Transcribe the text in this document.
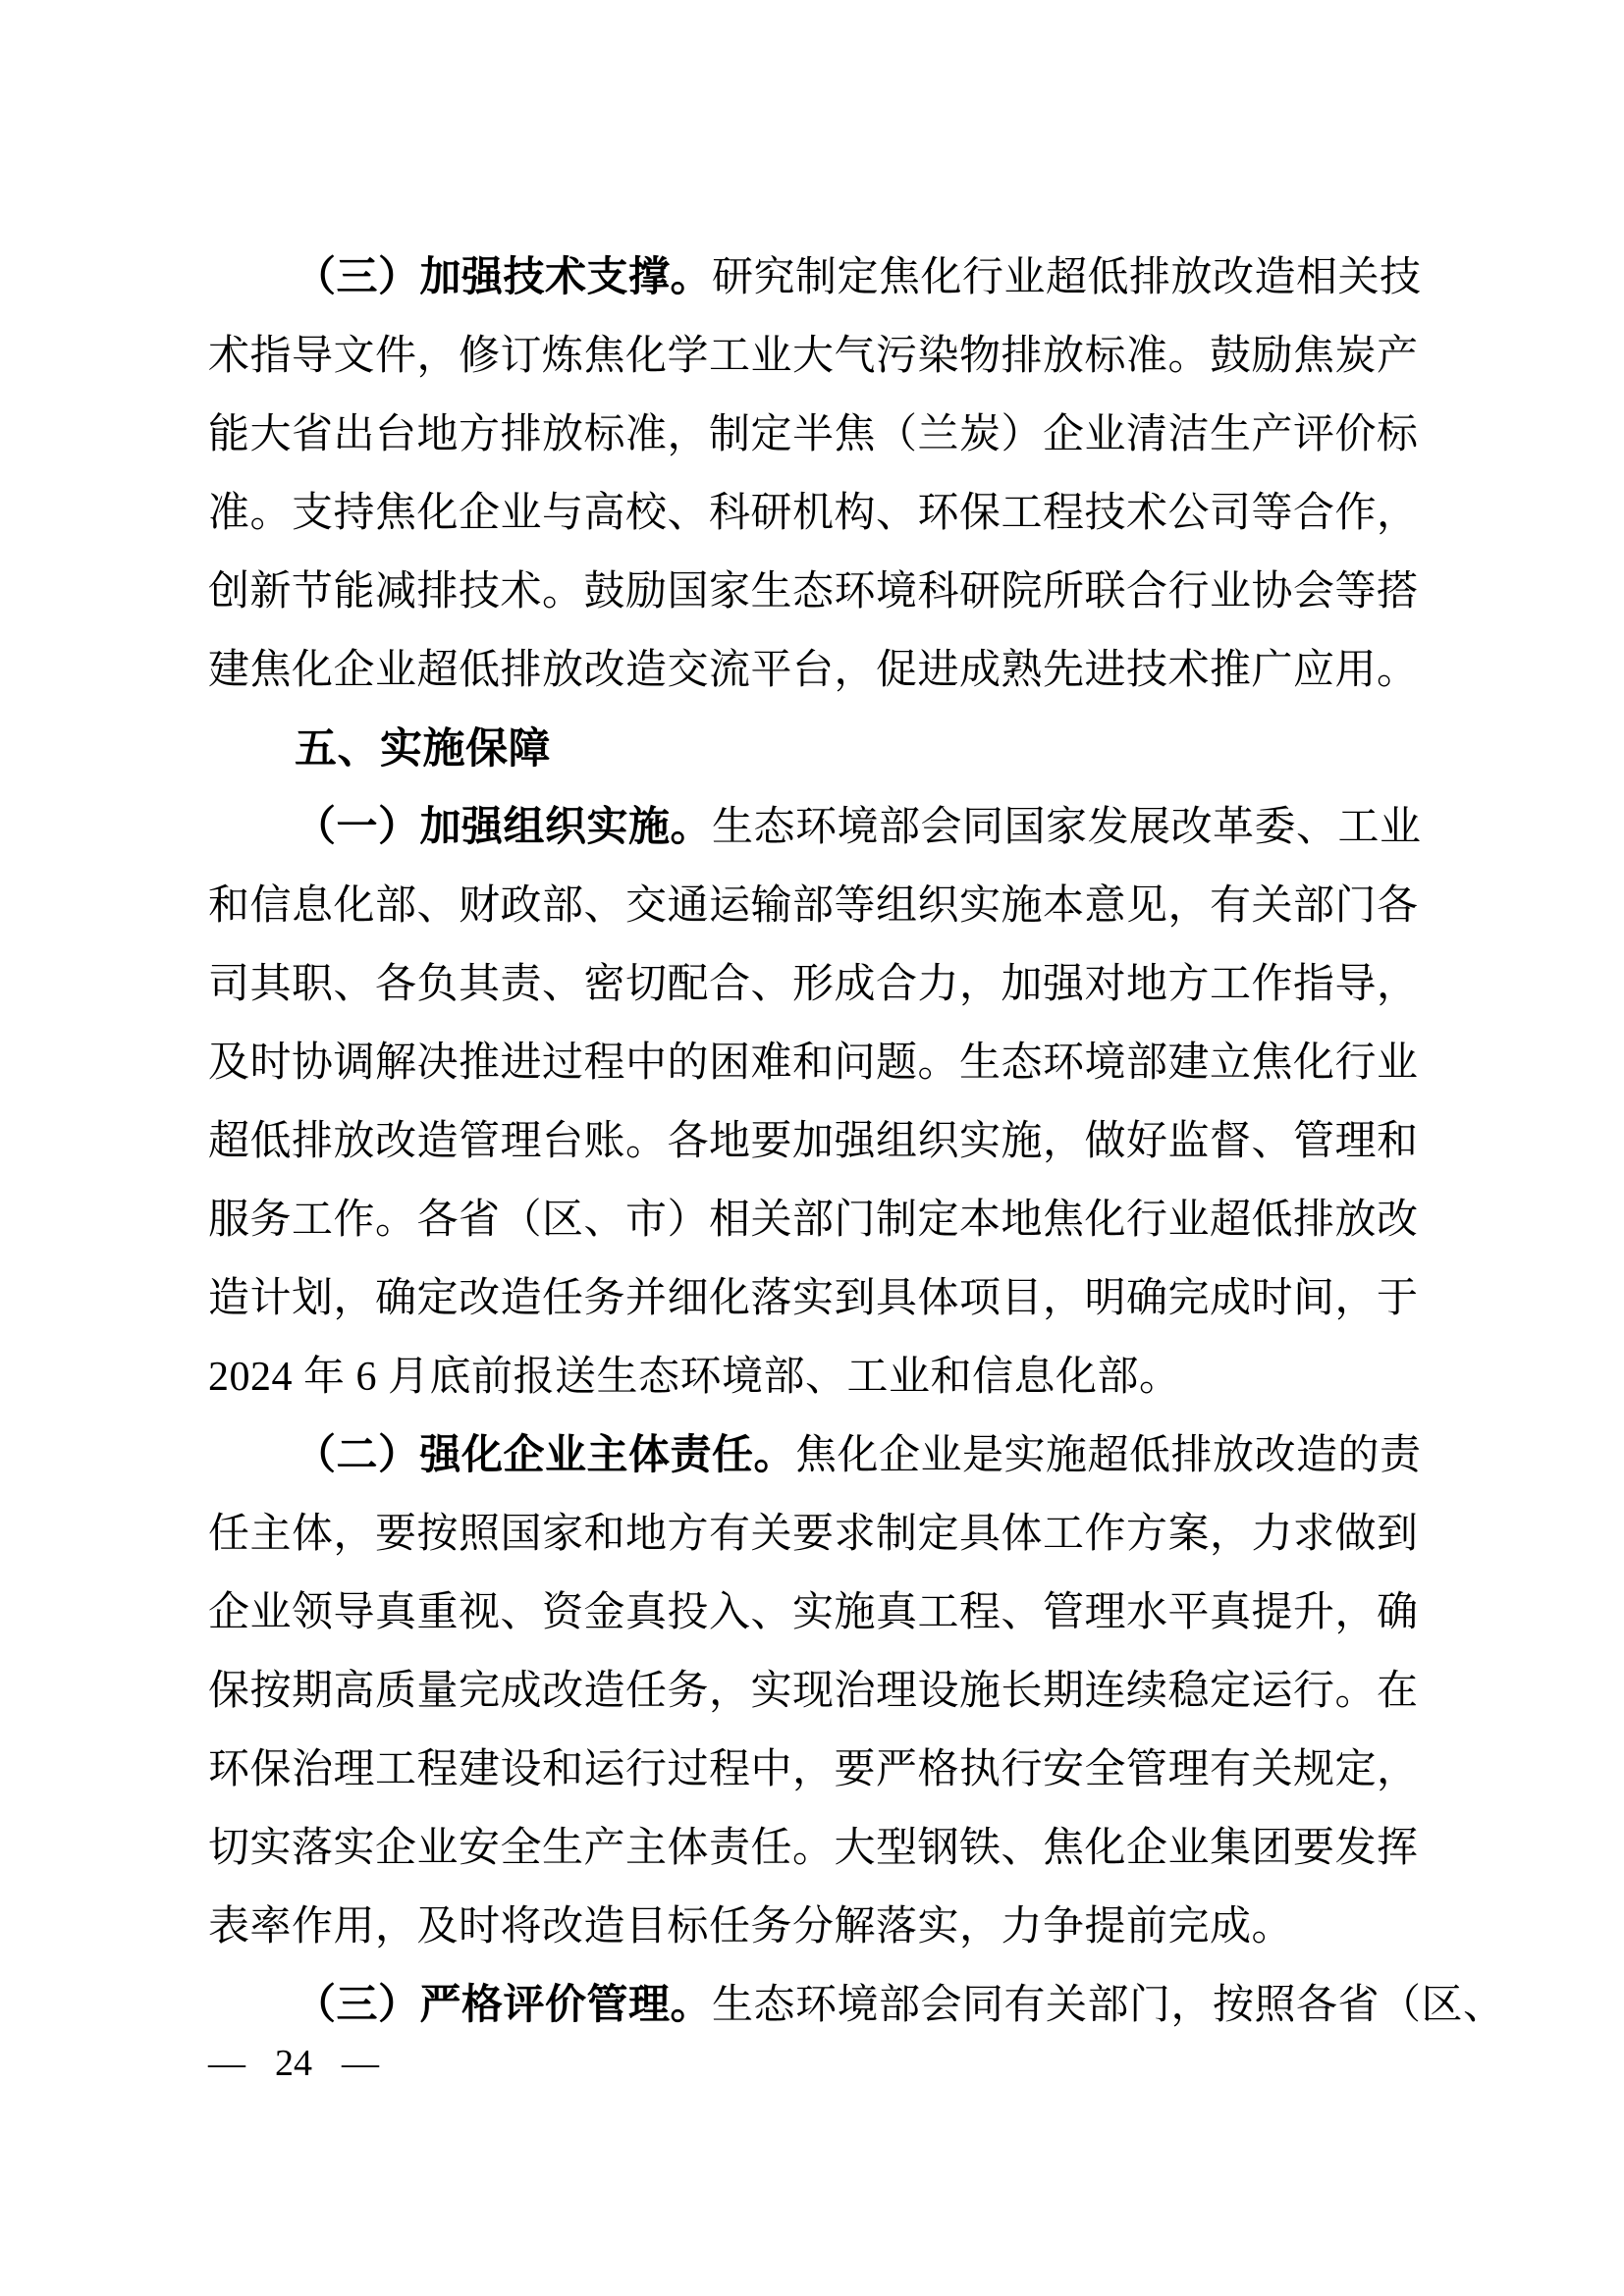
（三）加强技术支撑。研究制定焦化行业超低排放改造相关技
术指导文件，修订炼焦化学工业大气污染物排放标准。鼓励焦炭产
能大省出台地方排放标准，制定半焦（兰炭）企业清洁生产评价标
准。支持焦化企业与高校、科研机构、环保工程技术公司等合作，
创新节能减排技术。鼓励国家生态环境科研院所联合行业协会等搭
建焦化企业超低排放改造交流平台，促进成熟先进技术推广应用。
五、实施保障
（一）加强组织实施。生态环境部会同国家发展改革委、工业
和信息化部、财政部、交通运输部等组织实施本意见，有关部门各
司其职、各负其责、密切配合、形成合力，加强对地方工作指导，
及时协调解决推进过程中的困难和问题。生态环境部建立焦化行业
超低排放改造管理台账。各地要加强组织实施，做好监督、管理和
服务工作。各省（区、市）相关部门制定本地焦化行业超低排放改
造计划，确定改造任务并细化落实到具体项目，明确完成时间，于
2024 年 6 月底前报送生态环境部、工业和信息化部。
（二）强化企业主体责任。焦化企业是实施超低排放改造的责
任主体，要按照国家和地方有关要求制定具体工作方案，力求做到
企业领导真重视、资金真投入、实施真工程、管理水平真提升，确
保按期高质量完成改造任务，实现治理设施长期连续稳定运行。在
环保治理工程建设和运行过程中，要严格执行安全管理有关规定，
切实落实企业安全生产主体责任。大型钢铁、焦化企业集团要发挥
表率作用，及时将改造目标任务分解落实，力争提前完成。
（三）严格评价管理。生态环境部会同有关部门，按照各省（区、
— 24 —
